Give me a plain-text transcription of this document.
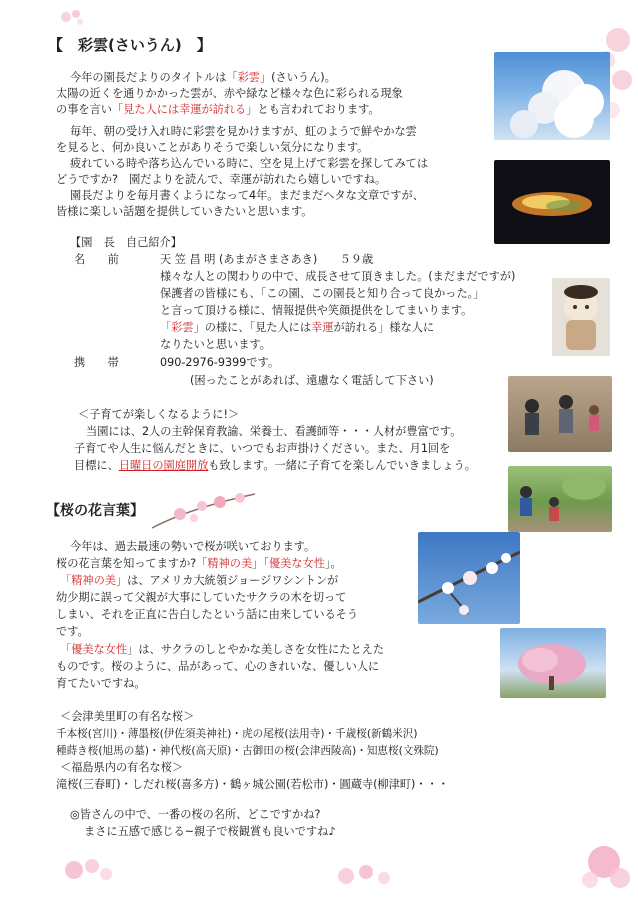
【　彩雲(さいうん)　】
今年の園長だよりのタイトルは「彩雲」(さいうん)。
太陽の近くを通りかかった雲が、赤や緑など様々な色に彩られる現象
の事を言い「見た人には幸運が訪れる」とも言われております。
毎年、朝の受け入れ時に彩雲を見かけますが、虹のようで鮮やかな雲
を見ると、何か良いことがありそうで楽しい気分になります。
疲れている時や落ち込んでいる時に、空を見上げて彩雲を探してみては
どうですか?　園だよりを読んで、幸運が訪れたら嬉しいですね。
園長だよりを毎月書くようになって4年。まだまだヘタな文章ですが、
皆様に楽しい話題を提供していきたいと思います。
【園　長　自己紹介】
名　　前	天 笠 昌 明 (あまがさまさあき)　　５９歳
様々な人との関わりの中で、成長させて頂きました。(まだまだですが)
保護者の皆様にも、「この園、この園長と知り合って良かった。」
と言って頂ける様に、情報提供や笑顔提供をしてまいります。
「彩雲」の様に、「見た人には幸運が訪れる」様な人に
なりたいと思います。
携　　帯	090-2976-9399です。
(困ったことがあれば、遠慮なく電話して下さい)
＜子育てが楽しくなるように!＞
当園には、2人の主幹保育教諭、栄養士、看護師等・・・人材が豊富です。
子育てや人生に悩んだときに、いつでもお声掛けください。また、月1回を
目標に、日曜日の園庭開放も致します。一緒に子育てを楽しんでいきましょう。
【桜の花言葉】
今年は、過去最速の勢いで桜が咲いております。
桜の花言葉を知ってますか?「精神の美」「優美な女性」。
「精神の美」は、アメリカ大統領ジョージワシントンが
幼少期に誤って父親が大事にしていたサクラの木を切って
しまい、それを正直に告白したという話に由来しているそう
です。
「優美な女性」は、サクラのしとやかな美しさを女性にたとえた
ものです。桜のように、品があって、心のきれいな、優しい人に
育てたいですね。
＜会津美里町の有名な桜＞
千本桜(宮川)・薄墨桜(伊佐須美神社)・虎の尾桜(法用寺)・千歳桜(新鶴米沢)
種蒔き桜(旭馬の墓)・神代桜(高天原)・古御田の桜(会津西陵高)・知恵桜(文殊院)
＜福島県内の有名な桜＞
滝桜(三春町)・しだれ桜(喜多方)・鶴ヶ城公園(若松市)・圓蔵寺(柳津町)・・・
◎皆さんの中で、一番の桜の名所、どこですかね?
まさに五感で感じる~親子で桜観賞も良いですね♪
